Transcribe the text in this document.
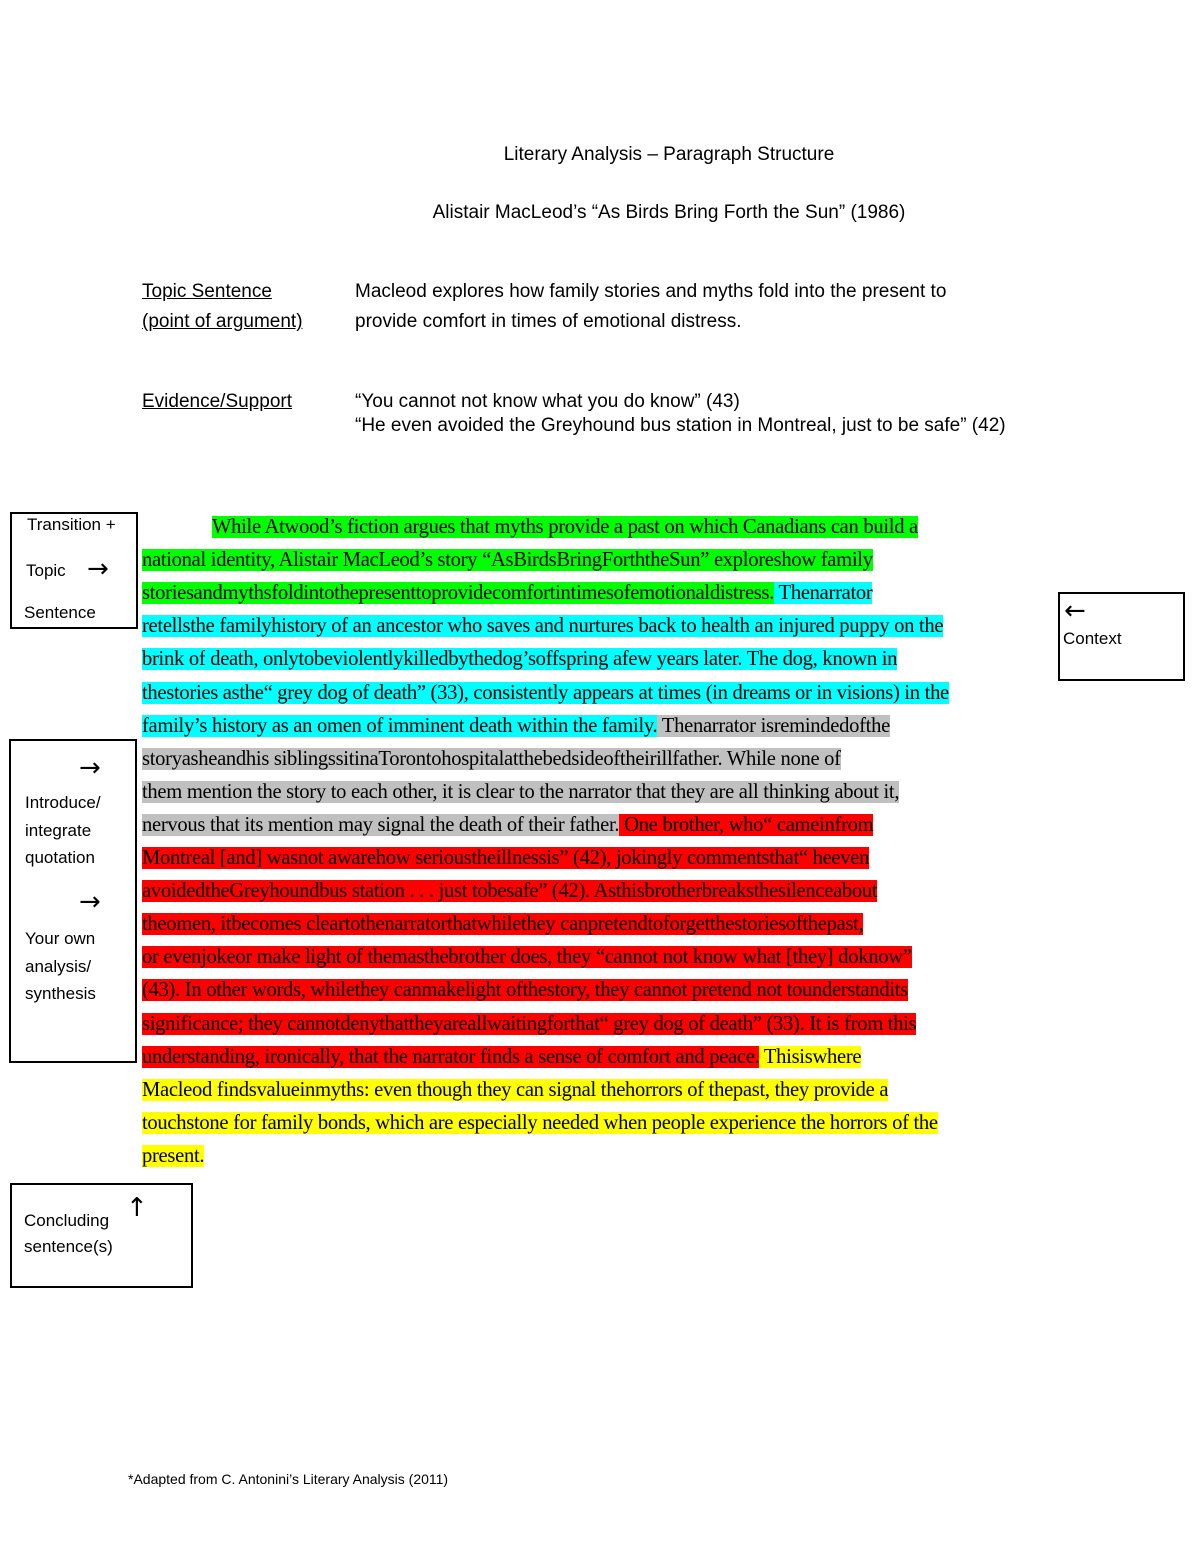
Literary Analysis – Paragraph Structure
Alistair MacLeod’s “As Birds Bring Forth the Sun” (1986)
Topic Sentence
(point of argument)
Macleod explores how family stories and myths fold into the present to
provide comfort in times of emotional distress.
Evidence/Support	“You cannot not know what you do know” (43)
“He even avoided the Greyhound bus station in Montreal, just to be safe” (42)
While Atwood’s fiction argues that myths provide a past on which Canadians can build a
national identity, Alistair MacLeod’s story “AsBirdsBringForththeSun” exploreshow family
storiesandmythsfoldintothepresenttoprovidecomfortintimesofemotionaldistress. Thenarrator
retellsthe familyhistory of an ancestor who saves and nurtures back to health an injured puppy on the
brink of death, onlytobeviolentlykilledbythedog’soffspring afew years later. The dog, known in
thestories asthe“ grey dog of death” (33), consistently appears at times (in dreams or in visions) in the
family’s history as an omen of imminent death within the family. Thenarrator isremindedofthe
storyasheandhis siblingssitinaTorontohospitalatthebedsideoftheirillfather. While none of
them mention the story to each other, it is clear to the narrator that they are all thinking about it,
nervous that its mention may signal the death of their father. One brother, who“ cameinfrom
Montreal [and] wasnot awarehow serioustheillnessis” (42), jokingly commentsthat“ heeven
avoidedtheGreyhoundbus station . . . just tobesafe” (42). Asthisbrotherbreaksthesilenceabout
theomen, itbecomes cleartothenarratorthatwhilethey canpretendtoforgetthestoriesofthepast,
or evenjokeor make light of themasthebrother does, they “cannot not know what [they] doknow”
(43). In other words, whilethey canmakelight ofthestory, they cannot pretend not tounderstandits
significance; they cannotdenythattheyareallwaitingforthat“ grey dog of death” (33). It is from this
understanding, ironically, that the narrator finds a sense of comfort and peace. Thisiswhere
Macleod findsvalueinmyths: even though they can signal thehorrors of thepast, they provide a
touchstone for family bonds, which are especially needed when people experience the horrors of the
present.
Transition +
Topic →
Sentence	←
Context
→
Introduce/
integrate
quotation
→
Your own
analysis/
synthesis
Concluding ↑
sentence(s)
*Adapted from C. Antonini’s Literary Analysis (2011)
